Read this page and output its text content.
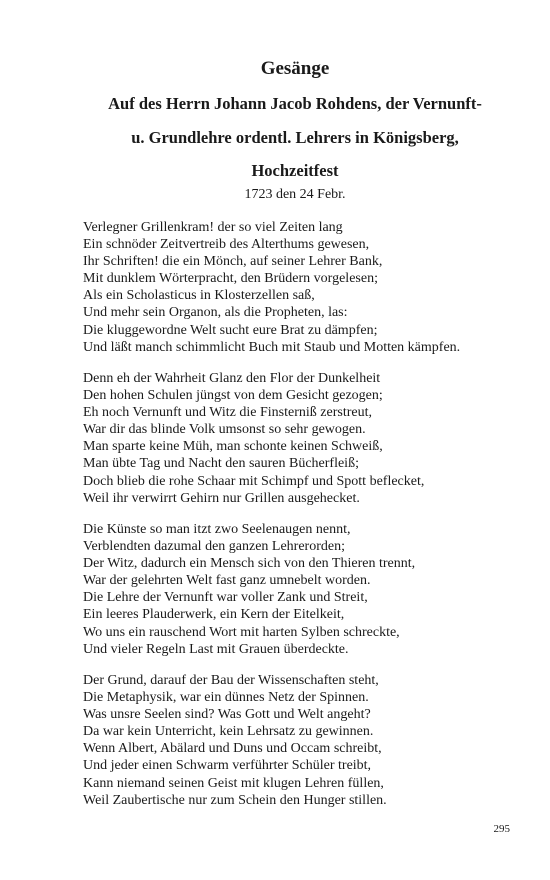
Gesänge
Auf des Herrn Johann Jacob Rohdens, der Vernunft-
u. Grundlehre ordentl. Lehrers in Königsberg,
Hochzeitfest

1723 den 24 Febr.

Verlegner Grillenkram! der so viel Zeiten lang
Ein schnöder Zeitvertreib des Alterthums gewesen,
Ihr Schriften! die ein Mönch, auf seiner Lehrer Bank,
Mit dunklem Wörterpracht, den Brüdern vorgelesen;
Als ein Scholasticus in Klosterzellen saß,
Und mehr sein Organon, als die Propheten, las:
Die kluggewordne Welt sucht eure Brat zu dämpfen;
Und läßt manch schimmlicht Buch mit Staub und Motten kämpfen.
Denn eh der Wahrheit Glanz den Flor der Dunkelheit
Den hohen Schulen jüngst von dem Gesicht gezogen;
Eh noch Vernunft und Witz die Finsterniß zerstreut,
War dir das blinde Volk umsonst so sehr gewogen.
Man sparte keine Müh, man schonte keinen Schweiß,
Man übte Tag und Nacht den sauren Bücherfleiß;
Doch blieb die rohe Schaar mit Schimpf und Spott beflecket,
Weil ihr verwirrt Gehirn nur Grillen ausgehecket.
Die Künste so man itzt zwo Seelenaugen nennt,
Verblendten dazumal den ganzen Lehrerorden;
Der Witz, dadurch ein Mensch sich von den Thieren trennt,
War der gelehrten Welt fast ganz umnebelt worden.
Die Lehre der Vernunft war voller Zank und Streit,
Ein leeres Plauderwerk, ein Kern der Eitelkeit,
Wo uns ein rauschend Wort mit harten Sylben schreckte,
Und vieler Regeln Last mit Grauen überdeckte.
Der Grund, darauf der Bau der Wissenschaften steht,
Die Metaphysik, war ein dünnes Netz der Spinnen.
Was unsre Seelen sind? Was Gott und Welt angeht?
Da war kein Unterricht, kein Lehrsatz zu gewinnen.
Wenn Albert, Abälard und Duns und Occam schreibt,
Und jeder einen Schwarm verführter Schüler treibt,
Kann niemand seinen Geist mit klugen Lehren füllen,
Weil Zaubertische nur zum Schein den Hunger stillen.

295
